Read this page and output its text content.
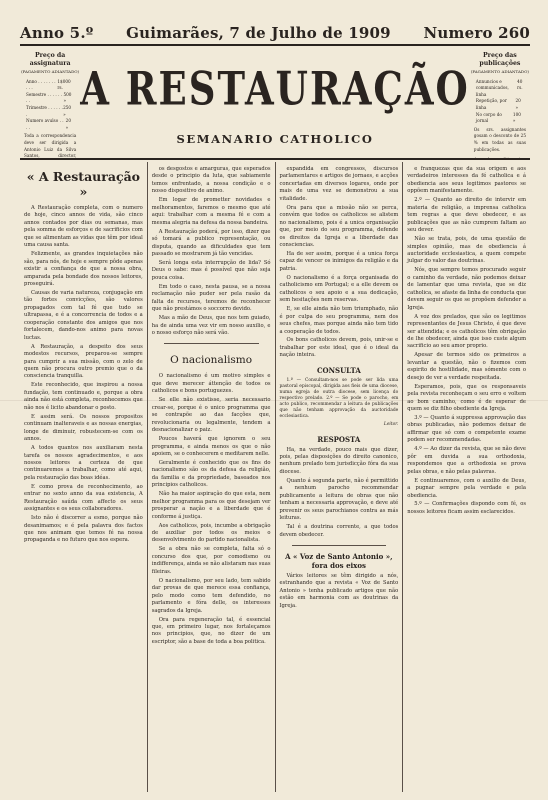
Anno 5.º Guimarães, 7 de Julho de 1909 Numero 260
Preço da assignatura
(PAGAMENTO ADIANTADO)
Anno . . . . . . . . . .
1$000 rs.
Semestre . . . . . . . .
500 »
Trimestre . . . . . . .
250 »
Numero avulso . . . .
20 »
Toda a correspondencia deve ser dirigida a Antonio Luiz da Silva Santos, director,
A RESTAURAÇÃO
SEMANARIO CATHOLICO
Preço das publicações
(PAGAMENTO ADIANTADO)
Annuncios e communicados, linha
40 rs.
Repetição, por linha
20 »
No corpo do jornal
100 »
Os srs. assignantes gosam o desconto de 25 % em todas as suas publicações.
« A Restauração »

A Restauração completa, com o numero de hoje, cinco annos de vida, são cinco annos contados por dias ou semanas, mas pela somma de esforços e de sacrificios com que se alimentam as vidas que têm por ideal uma causa santa.

Felizmente, as grandes inquietações não são, para nós, de hoje e sempre pôde apenas existir a confiança de que a nossa obra, amparada pela bondade dos nossos leitores, proseguirá.

Causas de varia natureza, conjugação em tão fortes convicções, são valores propagados com tal fé que tudo se ultrapassa, e é a concorrencia de todos e a cooperação constante dos amigos que nos fortalecem, dando-nos animo para novas luctas.

A Restauração, a despeito dos seus modestos recursos, preparou-se sempre para cumprir a sua missão, com o zelo de quem não procura outro premio que o da consciencia tranquilla.

Este reconhecido, que inspirou a nossa fundação, tem continuado e, porque a obra ainda não está completa, reconhecemos que não nos é licito abandonar o posto.

E assim será. Os nossos propositos continuam inalteraveis e as nossas energias, longe de diminuir, robustecem-se com os annos.

A todos quantos nos auxiliaram nesta tarefa os nossos agradecimentos, e aos nossos leitores a certeza de que continuaremos a trabalhar, como até aqui, pela restauração das boas idéas.

E como prova de reconhecimento, ao entrar no sexto anno da sua existencia, A Restauração saúda com affecto os seus assignantes e os seus collaboradores.

Isto não é discorrer a esmo, porque não desanimamos; e é pela palavra dos factos que nos animam que temos fé na nossa propaganda e no futuro que nos espera.

os desgostos e amarguras, que esperados desde o principio da luta, que sabiamente temos enfrentado, a nossa condição e o nosso dispositivo de animo.

Em logar de prometter novidades e melhoramentos, faremos o mesmo que até aqui: trabalhar com a mesma fé e com a mesma alegria na defesa da nossa bandeira.

A Restauração poderá, por isso, dizer que só tomará a publico representação, ou disputa, quando as dificuldades que tem passado se mostrarem já tão vencidas.

Será longa esta interrupção de lida? Só Deus o sabe: mas é possível que não seja pouca coisa.

Em todo o caso, nesta pausa, se a nossa reclamação não puder ser pela rasão da falta de recursos, teremos de reconhecer que não prestámos o soccorro devido.

Mas a mão de Deus, que nos tem guiado, ha de ainda uma vez vir em nosso auxilio, e o nosso esforço não será vão.

O nacionalismo

O nacionalismo é um motivo simples e que deve merecer áttenção de todos os catholicos e bons portuguezes.

Se elle não existisse, seria necessario crear-se, porque é o unico programma que se contrapõe ao das facções que, revolucionaria ou legalmente, tendem a desnacionalizar o paiz.

Poucos haverá que ignorem o seu programma, e ainda menos os que o não apoiem, se o conhecerem e meditarem nelle.

Geralmente é conhecido que os fins do nacionalismo são os da defesa da religião, da familia e da propriedade, baseados nos principios catholicos.

Não ha maior aspiração do que esta, nem melhor programma para os que desejam ver prosperar a nação e a liberdade que é conforme á justiça.

Aos catholicos, pois, incumbe a obrigação de auxiliar por todos os meios o desenvolvimento do partido nacionalista.

Se a obra não se completa, falta só o concurso dos que, por comodismo ou indifferença, ainda se não alistaram nas suas fileiras.

O nacionalismo, por seu lado, tem sabido dar provas de que merece essa confiança, pelo modo como tem defendido, no parlamento e fóra delle, os interesses sagrados da Igreja.

Ora para regeneração tal, é essencial que, em primeiro lugar, nos fortaleçamos nos principios, que, no dizer de um escriptor, são a base de toda a boa politica.

expandida em congressos, discursos parlamentares e artigos de jornaes, e acções concertadas em diversos logares, onde por mais de uma vez se demonstrou a sua vitalidade.

Ora para que a missão não se perca, convém que todos os catholicos se alistem no nacionalismo, pois é a unica organisação que, por meio do seu programma, defende os direitos da Igreja e a liberdade das consciencias.

Ha de ser assim, porque é a unica força capaz de vencer os inimigos da religião e da patria.

O nacionalismo é a força organisada do catholicismo em Portugal; e a elle devem os catholicos o seu apoio e a sua dedicação, sem hesitações nem reservas.

E, se elle ainda não tem triumphado, não é por culpa do seu programma, nem dos seus chefes, mas porque ainda não tem tido a cooperação de todos.

Os bons catholicos devem, pois, unir-se e trabalhar por este ideal, que é o ideal da nação inteira.

CONSULTA

1.º — Consultam-nos se pode ser lida uma pastoral episcopal, dirigida aos fieis de uma diocese, numa egreja de outra diocese, sem licença do respectivo prelado. 2.º — Se pode o parocho, em acto publico, recommendar a leitura de publicações que não tenham approvação da auctoridade ecclesiastica.

Leitor.
RESPOSTA

Ha, na verdade, pouco mais que dizer, pois, pelas disposições do direito canonico, nenhum prelado tem jurisdicção fóra da sua diocese.

Quanto á segunda parte, não é permittido a nenhum parocho recommendar publicamente a leitura de obras que não tenham a necessaria approvação, e deve até prevenir os seus parochianos contra as más leituras.

Tal é a doutrina corrente, a que todos devem obedecer.

A « Voz de Santo Antonio », fora dos eixos

Vários leitores se têm dirigido a nós, estranhando que a revista « Voz de Santo Antonio » tenha publicado artigos que não estão em harmonia com as doutrinas da Igreja.

e franquezas que da sua origem e aos verdadeiros interesses da fé catholica e á obediencia aos seus legitimos pastores se oppõem manifestamente.

2.º — Quanto ao direito de intervir em materia de religião, a imprensa catholica tem regras a que deve obedecer, e as publicações que as não cumprem faltam ao seu dever.

Não se trata, pois, de uma questão de simples opinião, mas de obediencia á auctoridade ecclesiastica, a quem compete julgar do valor das doutrinas.

Nós, que sempre temos procurado seguir o caminho da verdade, não podemos deixar de lamentar que uma revista, que se diz catholica, se afaste da linha de conducta que devem seguir os que se propõem defender a Igreja.

A voz dos prelados, que são os legitimos representantes de Jesus Christo, é que deve ser attendida; e os catholicos têm obrigação de lhe obedecer, ainda que isso custe algum sacrificio ao seu amor proprio.

Apesar de termos sido os primeiros a levantar a questão, não o fizemos com espirito de hostilidade, mas sómente com o desejo de ver a verdade respeitada.

Esperamos, pois, que os responsaveis pela revista reconheçam o seu erro e voltem ao bom caminho, como é de esperar de quem se diz filho obediente da Igreja.

3.º — Quanto á suppressa approvação das obras publicadas, não podemos deixar de affirmar que só com o competente exame podem ser recommendadas.

4.º — Ao dizer da revista, que se não deve pôr em duvida a sua orthodoxia, respondemos que a orthodoxia se prova pelas obras, e não pelas palavras.

E continuaremos, com o auxilio de Deus, a pugnar sempre pela verdade e pela obediencia.

5.º — Confirmações dispondo com fé, os nossos leitores ficam assim esclarecidos.
